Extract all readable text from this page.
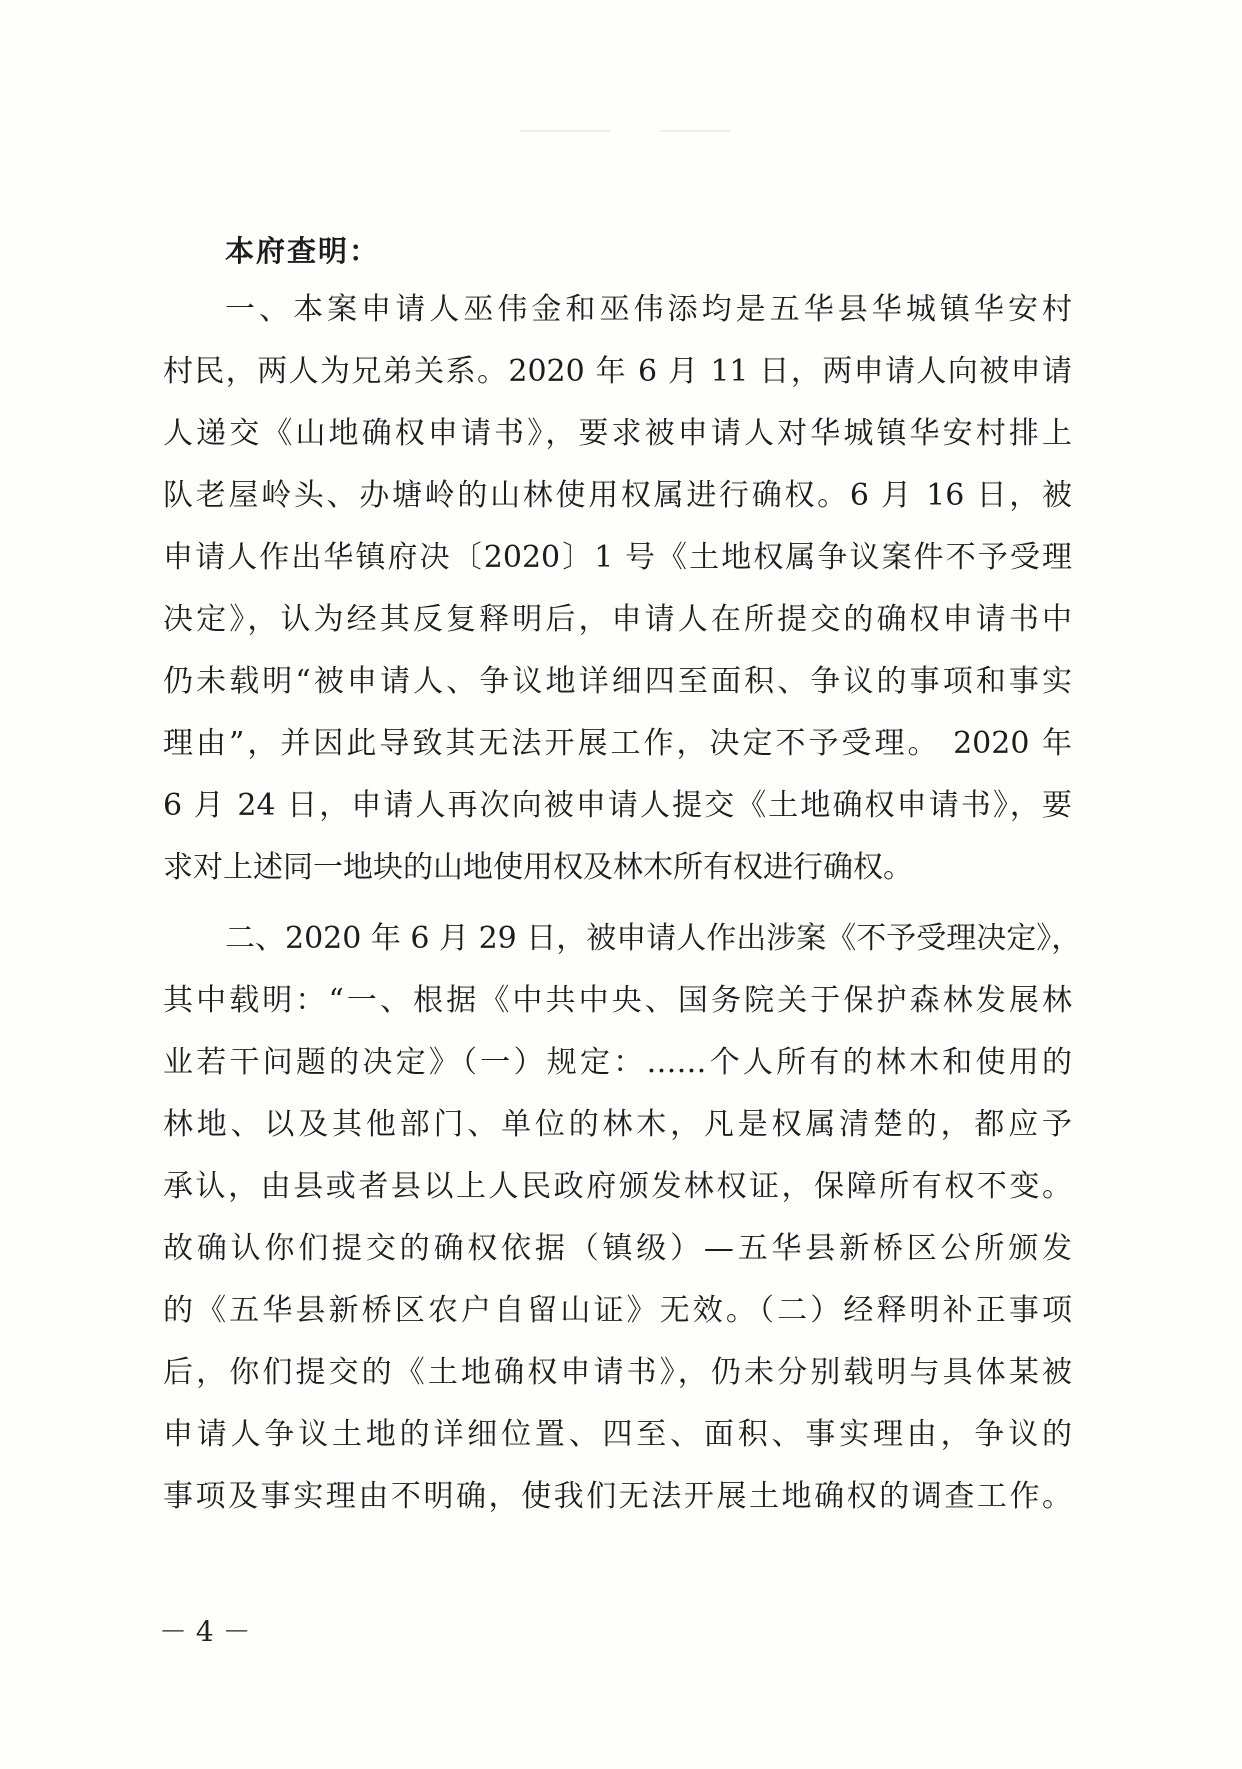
本府查明：
一、本案申请人巫伟金和巫伟添均是五华县华城镇华安村
村民，两人为兄弟关系。2020 年 6 月 11 日，两申请人向被申请
人递交《山地确权申请书》，要求被申请人对华城镇华安村排上
队老屋岭头、办塘岭的山林使用权属进行确权。6 月 16 日，被
申请人作出华镇府决〔2020〕1 号《土地权属争议案件不予受理
决定》，认为经其反复释明后，申请人在所提交的确权申请书中
仍未载明“被申请人、争议地详细四至面积、争议的事项和事实
理由”，并因此导致其无法开展工作，决定不予受理。 2020 年
6 月 24 日，申请人再次向被申请人提交《土地确权申请书》，要
求对上述同一地块的山地使用权及林木所有权进行确权。
二、2020 年 6 月 29 日，被申请人作出涉案《不予受理决定》，
其中载明：“一、根据《中共中央、国务院关于保护森林发展林
业若干问题的决定》（一）规定：……个人所有的林木和使用的
林地、以及其他部门、单位的林木，凡是权属清楚的，都应予
承认，由县或者县以上人民政府颁发林权证，保障所有权不变。
故确认你们提交的确权依据（镇级）—五华县新桥区公所颁发
的《五华县新桥区农户自留山证》无效。（二）经释明补正事项
后，你们提交的《土地确权申请书》，仍未分别载明与具体某被
申请人争议土地的详细位置、四至、面积、事实理由，争议的
事项及事实理由不明确，使我们无法开展土地确权的调查工作。
－ 4 －
